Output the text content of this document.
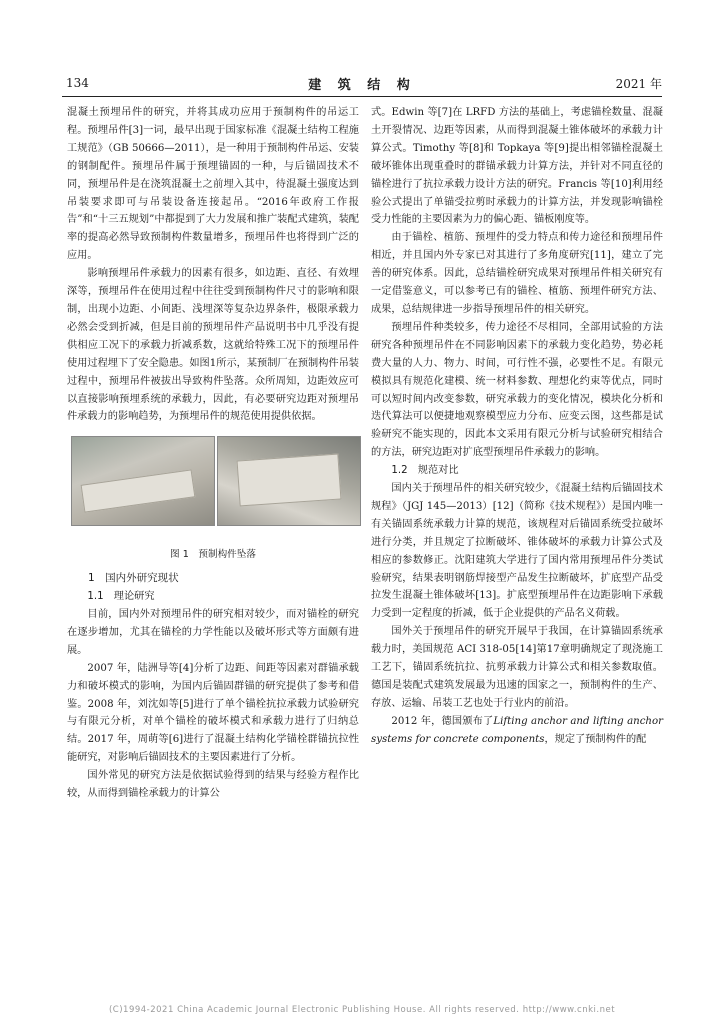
134	建 筑 结 构	2021 年

混凝土预埋吊件的研究，并将其成功应用于预制构件的吊运工程。预埋吊件[3]一词，最早出现于国家标准《混凝土结构工程施工规范》（GB 50666—2011），是一种用于预制构件吊运、安装的钢制配件。预埋吊件属于预埋锚固的一种，与后锚固技术不同，预埋吊件是在浇筑混凝土之前埋入其中，待混凝土强度达到吊装要求即可与吊装设备连接起吊。“2016年政府工作报告”和“十三五规划”中都提到了大力发展和推广装配式建筑，装配率的提高必然导致预制构件数量增多，预埋吊件也将得到广泛的应用。

影响预埋吊件承载力的因素有很多，如边距、直径、有效埋深等，预埋吊件在使用过程中往往受到预制构件尺寸的影响和限制，出现小边距、小间距、浅埋深等复杂边界条件，极限承载力必然会受到折减，但是目前的预埋吊件产品说明书中几乎没有提供相应工况下的承载力折减系数，这就给特殊工况下的预埋吊件使用过程埋下了安全隐患。如图1所示，某预制厂在预制构件吊装过程中，预埋吊件被拔出导致构件坠落。众所周知，边距效应可以直接影响预埋系统的承载力，因此，有必要研究边距对预埋吊件承载力的影响趋势，为预埋吊件的规范使用提供依据。

图 1　预制构件坠落

1　国内外研究现状

1.1　理论研究

目前，国内外对预埋吊件的研究相对较少，而对锚栓的研究在逐步增加，尤其在锚栓的力学性能以及破坏形式等方面颇有进展。

2007 年，陆洲导等[4]分析了边距、间距等因素对群锚承载力和破坏模式的影响，为国内后锚固群锚的研究提供了参考和借鉴。2008 年，刘沈如等[5]进行了单个锚栓抗拉承载力试验研究与有限元分析，对单个锚栓的破坏模式和承载力进行了归纳总结。2017 年，周萌等[6]进行了混凝土结构化学锚栓群锚抗拉性能研究，对影响后锚固技术的主要因素进行了分析。

国外常见的研究方法是依据试验得到的结果与经验方程作比较，从而得到锚栓承载力的计算公

式。Edwin 等[7]在 LRFD 方法的基础上，考虑锚栓数量、混凝土开裂情况、边距等因素，从而得到混凝土锥体破坏的承载力计算公式。Timothy 等[8]和 Topkaya 等[9]提出相邻锚栓混凝土破坏锥体出现重叠时的群锚承载力计算方法，并针对不同直径的锚栓进行了抗拉承载力设计方法的研究。Francis 等[10]利用经验公式提出了单锚受拉剪时承载力的计算方法，并发现影响锚栓受力性能的主要因素为力的偏心距、锚板刚度等。

由于锚栓、植筋、预埋件的受力特点和传力途径和预埋吊件相近，并且国内外专家已对其进行了多角度研究[11]，建立了完善的研究体系。因此，总结锚栓研究成果对预埋吊件相关研究有一定借鉴意义，可以参考已有的锚栓、植筋、预埋件研究方法、成果，总结规律进一步指导预埋吊件的相关研究。

预埋吊件种类较多，传力途径不尽相同，全部用试验的方法研究各种预埋吊件在不同影响因素下的承载力变化趋势，势必耗费大量的人力、物力、时间，可行性不强，必要性不足。有限元模拟具有规范化建模、统一材料参数、理想化约束等优点，同时可以短时间内改变参数，研究承载力的变化情况，模块化分析和迭代算法可以便捷地观察模型应力分布、应变云图，这些都是试验研究不能实现的，因此本文采用有限元分析与试验研究相结合的方法，研究边距对扩底型预埋吊件承载力的影响。

1.2　规范对比

国内关于预埋吊件的相关研究较少，《混凝土结构后锚固技术规程》（JGJ 145—2013）[12]（简称《技术规程》）是国内唯一有关锚固系统承载力计算的规范，该规程对后锚固系统受拉破坏进行分类，并且规定了拉断破坏、锥体破坏的承载力计算公式及相应的参数修正。沈阳建筑大学进行了国内常用预埋吊件分类试验研究，结果表明钢筋焊接型产品发生拉断破坏，扩底型产品受拉发生混凝土锥体破坏[13]。扩底型预埋吊件在边距影响下承载力受到一定程度的折减，低于企业提供的产品名义荷载。

国外关于预埋吊件的研究开展早于我国，在计算锚固系统承载力时，美国规范 ACI 318-05[14]第17章明确规定了现浇施工工艺下，锚固系统抗拉、抗剪承载力计算公式和相关参数取值。德国是装配式建筑发展最为迅速的国家之一，预制构件的生产、存放、运输、吊装工艺也处于行业内的前沿。

2012 年，德国颁布了Lifting anchor and lifting anchor systems for concrete components，规定了预制构件的配

(C)1994-2021 China Academic Journal Electronic Publishing House. All rights reserved. http://www.cnki.net
